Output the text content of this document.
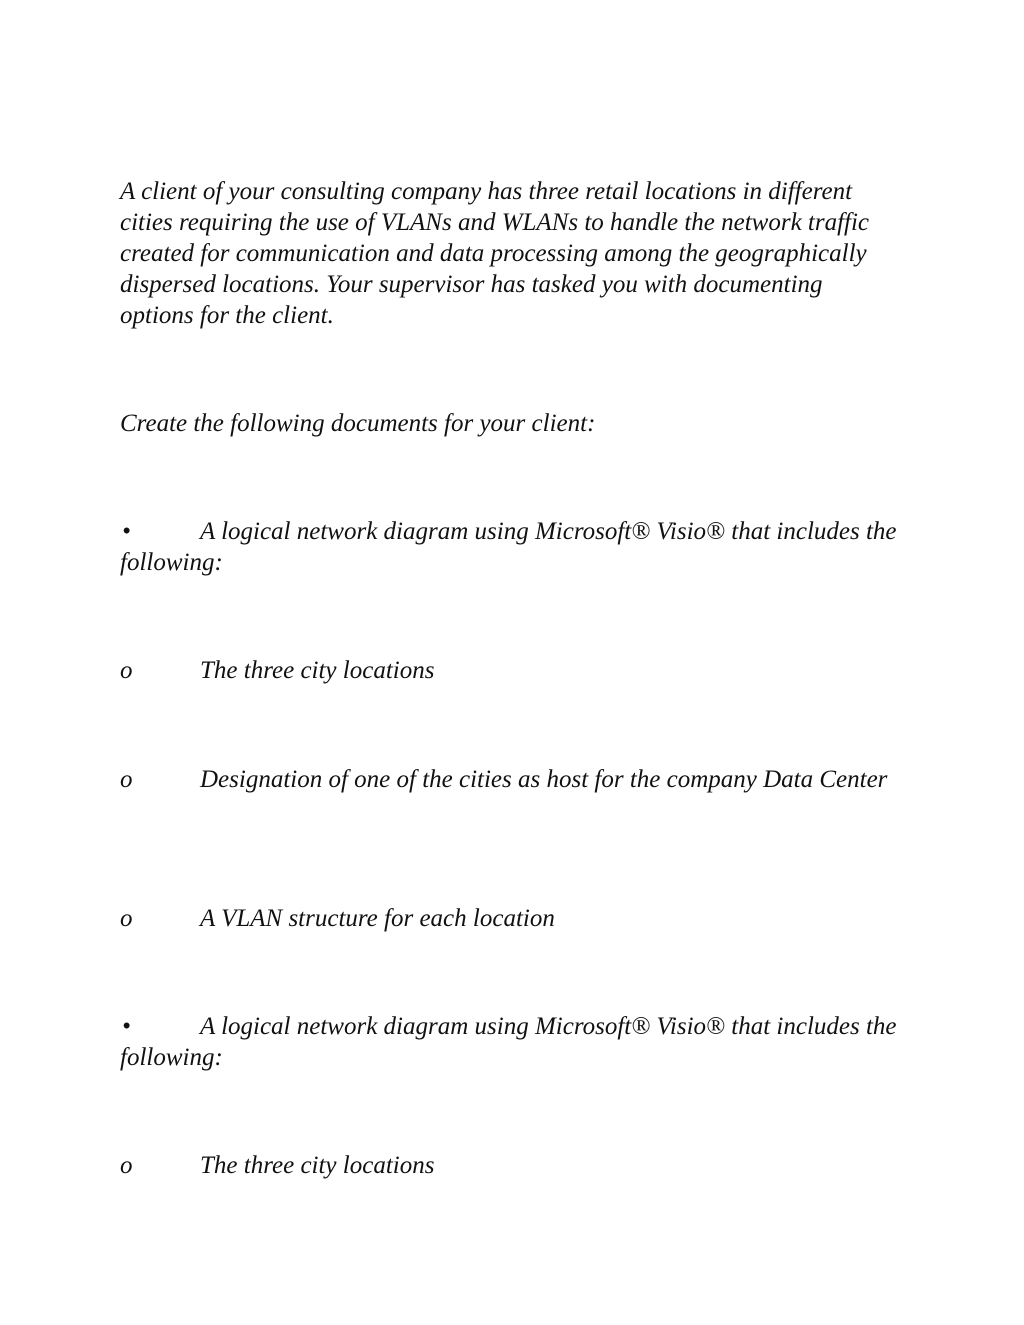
A client of your consulting company has three retail locations in different cities requiring the use of VLANs and WLANs to handle the network traffic created for communication and data processing among the geographically dispersed locations. Your supervisor has tasked you with documenting options for the client.

Create the following documents for your client:

•	A logical network diagram using Microsoft® Visio® that includes the following:

o	The three city locations

o	Designation of one of the cities as host for the company Data Center

o	A VLAN structure for each location

•	A logical network diagram using Microsoft® Visio® that includes the following:

o	The three city locations
